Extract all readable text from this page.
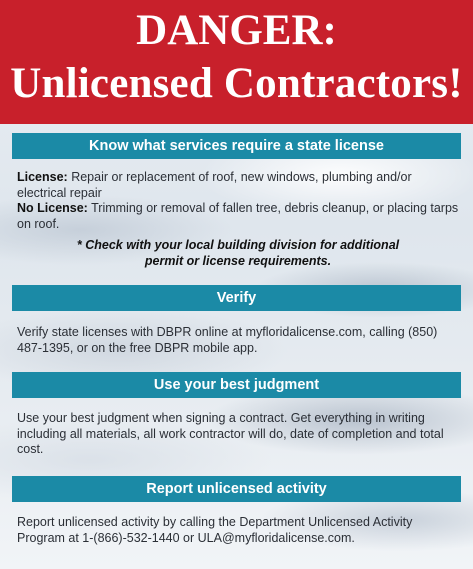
DANGER:
Unlicensed Contractors!
Know what services require a state license
License: Repair or replacement of roof, new windows, plumbing and/or electrical repair
No License: Trimming or removal of fallen tree, debris cleanup, or placing tarps on roof.
* Check with your local building division for additional
permit or license requirements.
Verify
Verify state licenses with DBPR online at myfloridalicense.com, calling (850) 487-1395, or on the free DBPR mobile app.
Use your best judgment
Use your best judgment when signing a contract. Get everything in writing including all materials, all work contractor will do, date of completion and total cost.
Report unlicensed activity
Report unlicensed activity by calling the Department Unlicensed Activity Program at 1-(866)-532-1440 or ULA@myfloridalicense.com.
